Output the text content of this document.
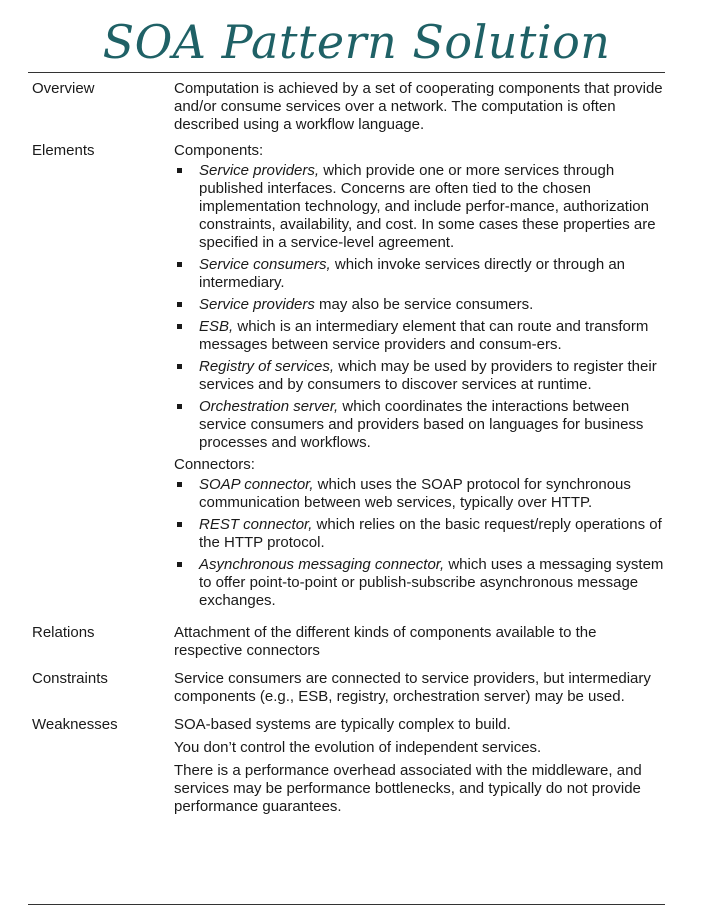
SOA Pattern Solution
Overview	Computation is achieved by a set of cooperating components that provide and/or consume services over a network. The computation is often described using a workflow language.

Elements	Components:

Service providers, which provide one or more services through published interfaces. Concerns are often tied to the chosen implementation technology, and include perfor-mance, authorization constraints, availability, and cost. In some cases these properties are specified in a service-level agreement.
Service consumers, which invoke services directly or through an intermediary.
Service providers may also be service consumers.
ESB, which is an intermediary element that can route and transform messages between service providers and consum-ers.
Registry of services, which may be used by providers to register their services and by consumers to discover services at runtime.
Orchestration server, which coordinates the interactions between service consumers and providers based on languages for business processes and workflows.

Connectors:

SOAP connector, which uses the SOAP protocol for synchronous communication between web services, typically over HTTP.
REST connector, which relies on the basic request/reply operations of the HTTP protocol.
Asynchronous messaging connector, which uses a messaging system to offer point-to-point or publish-subscribe asynchronous message exchanges.
Relations	Attachment of the different kinds of components available to the respective connectors

Constraints	Service consumers are connected to service providers, but intermediary components (e.g., ESB, registry, orchestration server) may be used.

Weaknesses	SOA-based systems are typically complex to build.

You don’t control the evolution of independent services.

There is a performance overhead associated with the middleware, and services may be performance bottlenecks, and typically do not provide performance guarantees.
